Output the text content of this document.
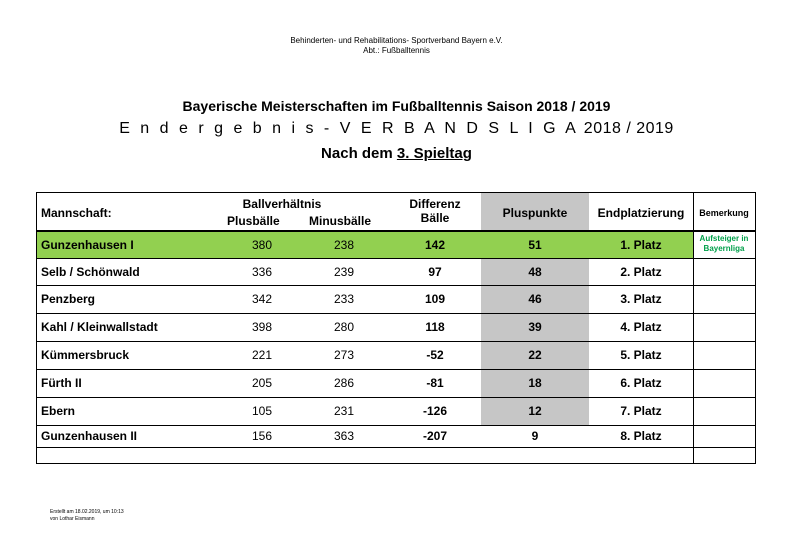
Behinderten- und Rehabilitations- Sportverband Bayern e.V.
Abt.: Fußballtennis
Bayerische Meisterschaften im Fußballtennis Saison 2018 / 2019
E n d e r g e b n i s - V E R B A N D S L I G A 2018 / 2019
Nach dem 3. Spieltag
Mannschaft:
Ballverhältnis
Plusbälle Minusbälle
Differenz
Bälle	Pluspunkte	Endplatzierung	Bemerkung
Gunzenhausen I	380	238	142	51	1. Platz	Aufsteiger in
Bayernliga
Selb / Schönwald	336	239	97	48	2. Platz
Penzberg	342	233	109	46	3. Platz
Kahl / Kleinwallstadt	398	280	118	39	4. Platz
Kümmersbruck	221	273	-52	22	5. Platz
Fürth II	205	286	-81	18	6. Platz
Ebern	105	231	-126	12	7. Platz
Gunzenhausen II	156	363	-207	9	8. Platz
Erstellt am 18.02.2019, um 10:13
von Lothar Eismann
